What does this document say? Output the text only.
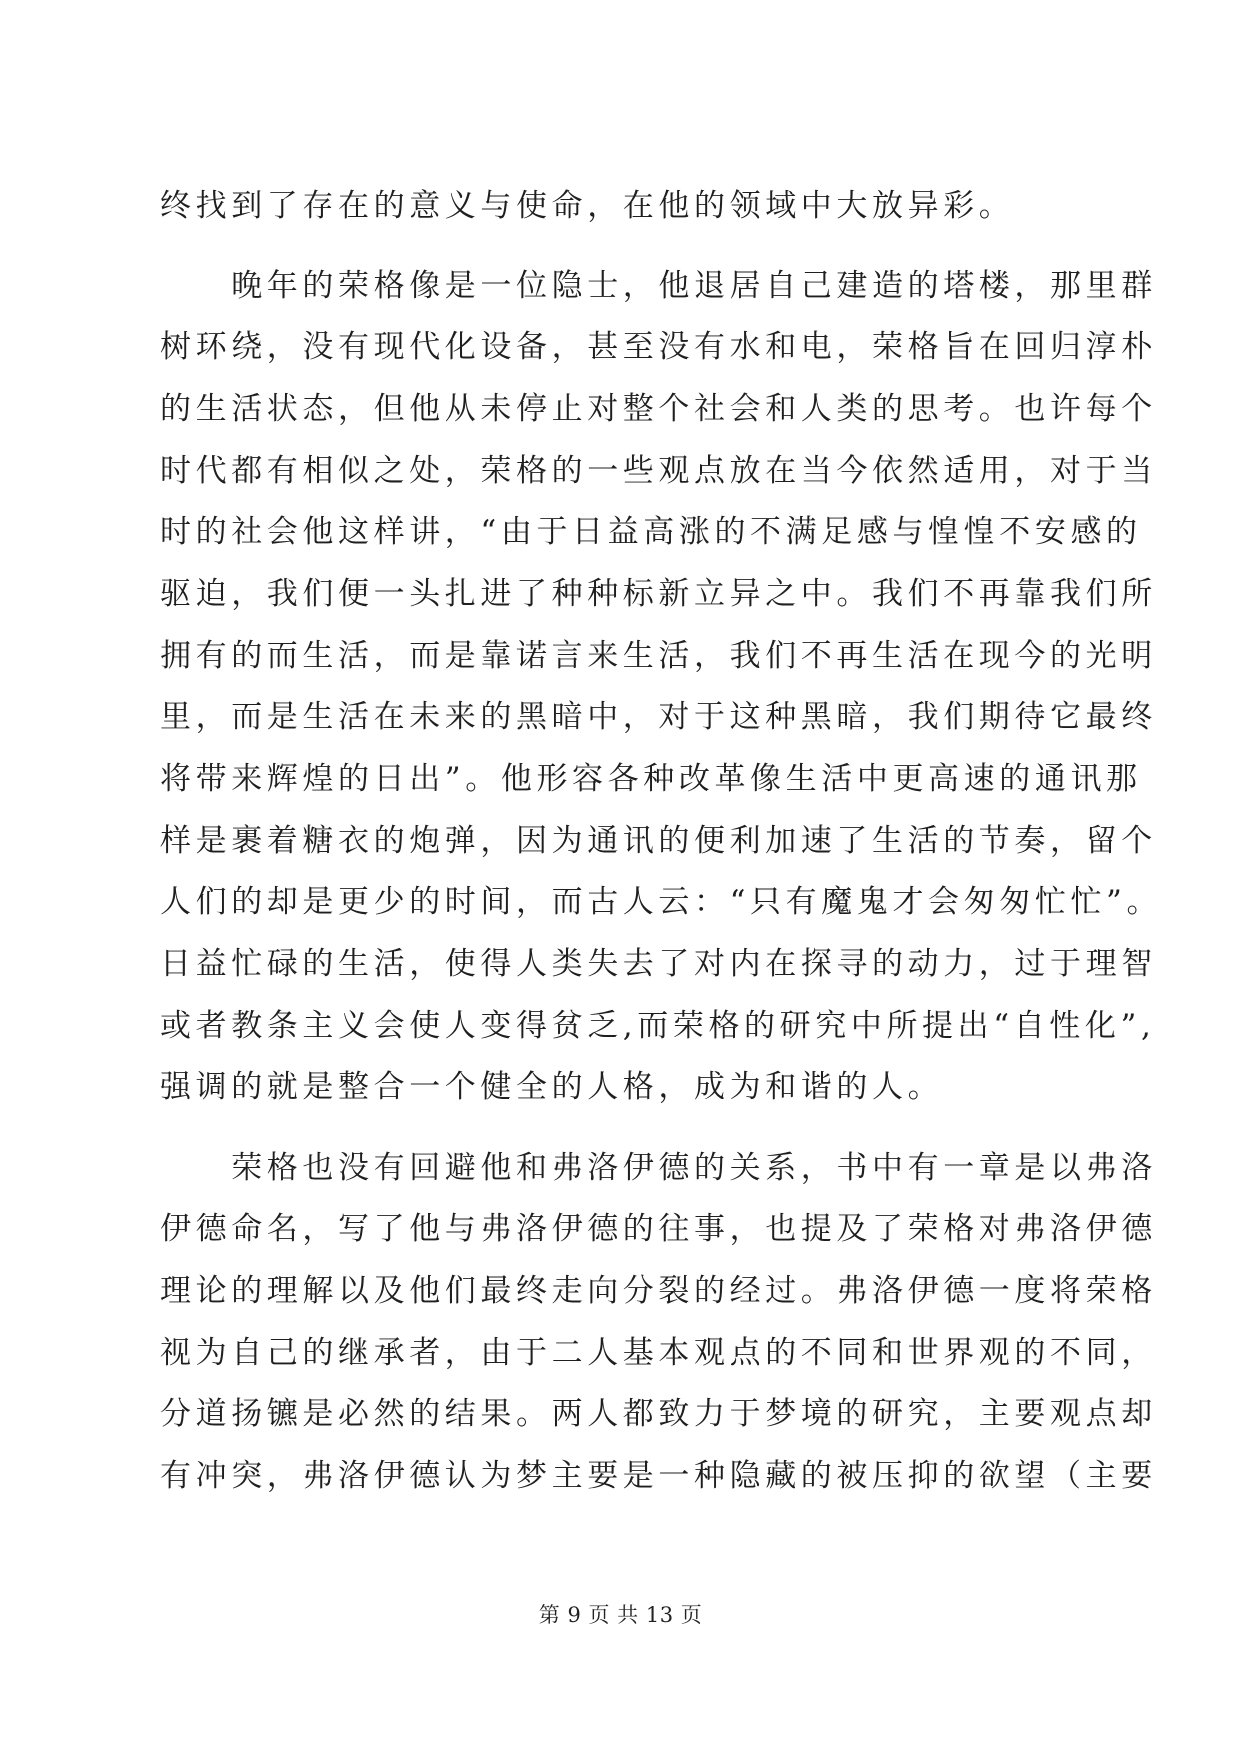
终找到了存在的意义与使命，在他的领域中大放异彩。
　　晚年的荣格像是一位隐士，他退居自己建造的塔楼，那里群
树环绕，没有现代化设备，甚至没有水和电，荣格旨在回归淳朴
的生活状态，但他从未停止对整个社会和人类的思考。也许每个
时代都有相似之处，荣格的一些观点放在当今依然适用，对于当
时的社会他这样讲，“由于日益高涨的不满足感与惶惶不安感的
驱迫，我们便一头扎进了种种标新立异之中。我们不再靠我们所
拥有的而生活，而是靠诺言来生活，我们不再生活在现今的光明
里，而是生活在未来的黑暗中，对于这种黑暗，我们期待它最终
将带来辉煌的日出”。他形容各种改革像生活中更高速的通讯那
样是裹着糖衣的炮弹，因为通讯的便利加速了生活的节奏，留个
人们的却是更少的时间，而古人云：“只有魔鬼才会匆匆忙忙”。
日益忙碌的生活，使得人类失去了对内在探寻的动力，过于理智
或者教条主义会使人变得贫乏,而荣格的研究中所提出“自性化”,
强调的就是整合一个健全的人格，成为和谐的人。
　　荣格也没有回避他和弗洛伊德的关系，书中有一章是以弗洛
伊德命名，写了他与弗洛伊德的往事，也提及了荣格对弗洛伊德
理论的理解以及他们最终走向分裂的经过。弗洛伊德一度将荣格
视为自己的继承者，由于二人基本观点的不同和世界观的不同，
分道扬镳是必然的结果。两人都致力于梦境的研究，主要观点却
有冲突，弗洛伊德认为梦主要是一种隐藏的被压抑的欲望（主要
第 9 页 共 13 页
